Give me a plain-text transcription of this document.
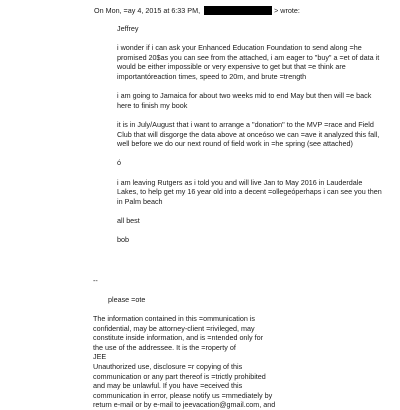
On Mon, =ay 4, 2015 at 6:33 PM,	> wrote:

Jeffrey

i wonder if i can ask your Enhanced Education Foundation to send along =he promised 20$as you can see from the attached, i am eager to "buy" a =et of data it would be either impossible or very expensive to get but that =e think are importantóreaction times, speed to 20m, and brute =trength

i am going to Jamaica for about two weeks mid to end May but then will =e back here to finish my book

it is in July/August that i want to arrange a "donation" to the MVP =race and Field Club that will disgorge the data above at onceóso we can =ave it analyzed this fall, well before we do our next round of field work in =he spring (see attached)

ó

i am leaving Rutgers as i told you and will live Jan to May 2016 in Lauderdale Lakes, to help get my 16 year old into a decent =ollegeóperhaps i can see you then in Palm beach

all best

bob

--
please =ote
The information contained in this =ommunication is
confidential, may be attorney-client =rivileged, may
constitute inside information, and is =ntended only for
the use of the addressee. It is the =roperty of
JEE
Unauthorized use, disclosure =r copying of this
communication or any part thereof is =trictly prohibited
and may be unlawful. If you have =eceived this
communication in error, please notify us =mmediately by
return e-mail or by e-mail to jeevacation@gmail.com, and
